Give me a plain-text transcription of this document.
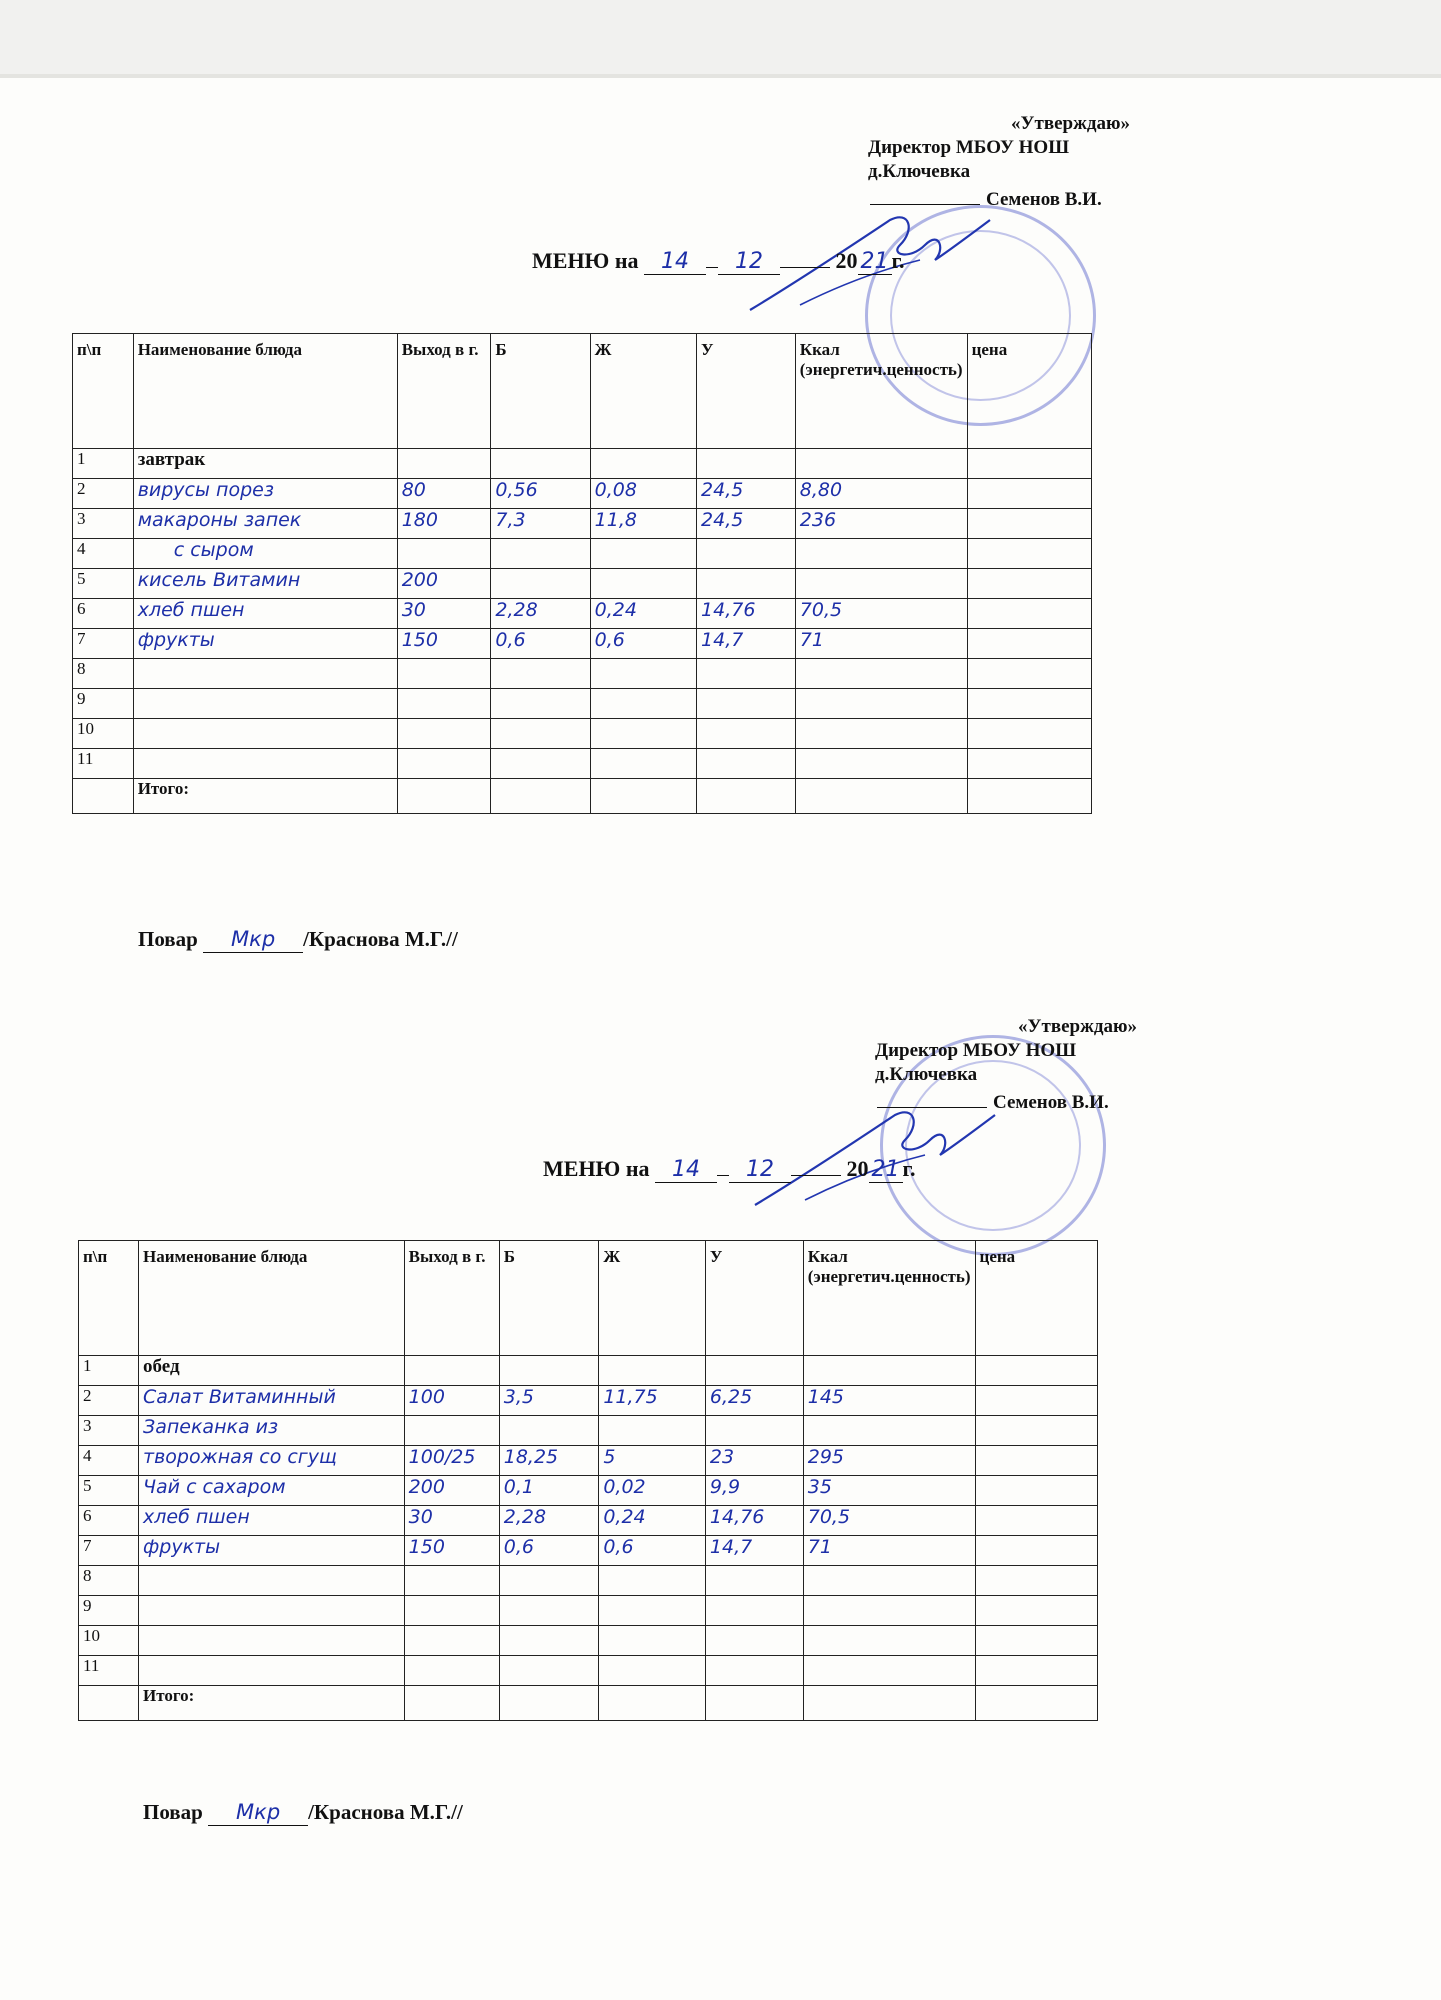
«Утверждаю»
Директор МБОУ НОШ
д.Ключевка
Семенов В.И.
МЕНЮ на 14 12	20 21 г.
п\п	Наименование блюда	Выход в г.	Б	Ж	У	Ккал (энергетич.ценность)	цена
1	завтрак						
2	вирусы порез	80	0,56	0,08	24,5	8,80	
3	макароны запек	180	7,3	11,8	24,5	236	
4	с сыром						
5	кисель Витамин	200					
6	хлеб пшен	30	2,28	0,24	14,76	70,5	
7	фрукты	150	0,6	0,6	14,7	71	
8							
9							
10							
11							
	Итого:						
Повар Мкр /Краснова М.Г.//
«Утверждаю»
Директор МБОУ НОШ
д.Ключевка
Семенов В.И.
МЕНЮ на 14 12	20 21 г.
п\п	Наименование блюда	Выход в г.	Б	Ж	У	Ккал (энергетич.ценность)	цена
1	обед						
2	Салат Витаминный	100	3,5	11,75	6,25	145	
3	Запеканка из						
4	творожная со сгущ	100/25	18,25	5	23	295	
5	Чай с сахаром	200	0,1	0,02	9,9	35	
6	хлеб пшен	30	2,28	0,24	14,76	70,5	
7	фрукты	150	0,6	0,6	14,7	71	
8							
9							
10							
11							
	Итого:						
Повар Мкр /Краснова М.Г.//
